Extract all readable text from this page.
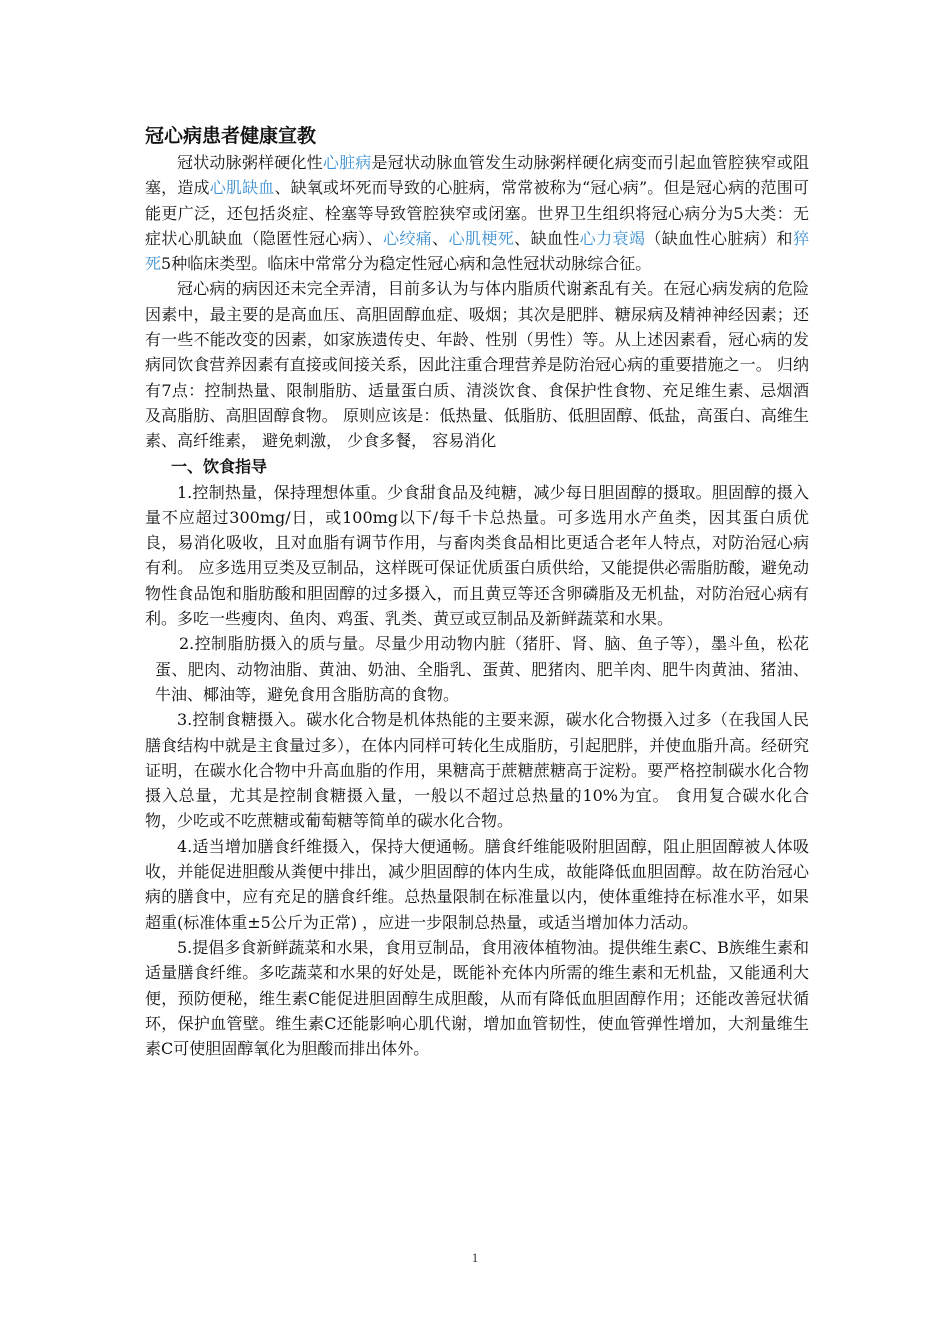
冠心病患者健康宣教

冠状动脉粥样硬化性心脏病是冠状动脉血管发生动脉粥样硬化病变而引起血管腔狭窄或阻塞，造成心肌缺血、缺氧或坏死而导致的心脏病，常常被称为“冠心病”。但是冠心病的范围可能更广泛，还包括炎症、栓塞等导致管腔狭窄或闭塞。世界卫生组织将冠心病分为5大类：无症状心肌缺血（隐匿性冠心病）、心绞痛、心肌梗死、缺血性心力衰竭（缺血性心脏病）和猝死5种临床类型。临床中常常分为稳定性冠心病和急性冠状动脉综合征。

冠心病的病因还未完全弄清，目前多认为与体内脂质代谢紊乱有关。在冠心病发病的危险因素中，最主要的是高血压、高胆固醇血症、吸烟；其次是肥胖、糖尿病及精神神经因素；还有一些不能改变的因素，如家族遗传史、年龄、性别（男性）等。从上述因素看，冠心病的发病同饮食营养因素有直接或间接关系，因此注重合理营养是防治冠心病的重要措施之一。 归纳有7点：控制热量、限制脂肪、适量蛋白质、清淡饮食、食保护性食物、充足维生素、忌烟酒及高脂肪、高胆固醇食物。 原则应该是：低热量、低脂肪、低胆固醇、低盐，高蛋白、高维生素、高纤维素， 避免刺激， 少食多餐， 容易消化

一、饮食指导

1.控制热量，保持理想体重。少食甜食品及纯糖，减少每日胆固醇的摄取。胆固醇的摄入量不应超过300mg/日，或100mg以下/每千卡总热量。可多选用水产鱼类，因其蛋白质优良，易消化吸收，且对血脂有调节作用，与畜肉类食品相比更适合老年人特点，对防治冠心病有利。 应多选用豆类及豆制品，这样既可保证优质蛋白质供给，又能提供必需脂肪酸，避免动物性食品饱和脂肪酸和胆固醇的过多摄入，而且黄豆等还含卵磷脂及无机盐，对防治冠心病有利。多吃一些瘦肉、鱼肉、鸡蛋、乳类、黄豆或豆制品及新鲜蔬菜和水果。

2.控制脂肪摄入的质与量。尽量少用动物内脏（猪肝、肾、脑、鱼子等），墨斗鱼，松花蛋、肥肉、动物油脂、黄油、奶油、全脂乳、蛋黄、肥猪肉、肥羊肉、肥牛肉黄油、猪油、牛油、椰油等，避免食用含脂肪高的食物。

3.控制食糖摄入。碳水化合物是机体热能的主要来源，碳水化合物摄入过多（在我国人民膳食结构中就是主食量过多），在体内同样可转化生成脂肪，引起肥胖，并使血脂升高。经研究证明，在碳水化合物中升高血脂的作用，果糖高于蔗糖蔗糖高于淀粉。要严格控制碳水化合物摄入总量，尤其是控制食糖摄入量，一般以不超过总热量的10%为宜。 食用复合碳水化合物，少吃或不吃蔗糖或葡萄糖等简单的碳水化合物。

4.适当增加膳食纤维摄入，保持大便通畅。膳食纤维能吸附胆固醇，阻止胆固醇被人体吸收，并能促进胆酸从粪便中排出，减少胆固醇的体内生成，故能降低血胆固醇。故在防治冠心病的膳食中，应有充足的膳食纤维。总热量限制在标准量以内，使体重维持在标准水平，如果超重(标准体重±5公斤为正常) ，应进一步限制总热量，或适当增加体力活动。

5.提倡多食新鲜蔬菜和水果，食用豆制品，食用液体植物油。提供维生素C、B族维生素和适量膳食纤维。多吃蔬菜和水果的好处是，既能补充体内所需的维生素和无机盐，又能通利大便，预防便秘，维生素C能促进胆固醇生成胆酸，从而有降低血胆固醇作用；还能改善冠状循环，保护血管壁。维生素C还能影响心肌代谢，增加血管韧性，使血管弹性增加，大剂量维生素C可使胆固醇氧化为胆酸而排出体外。

1
